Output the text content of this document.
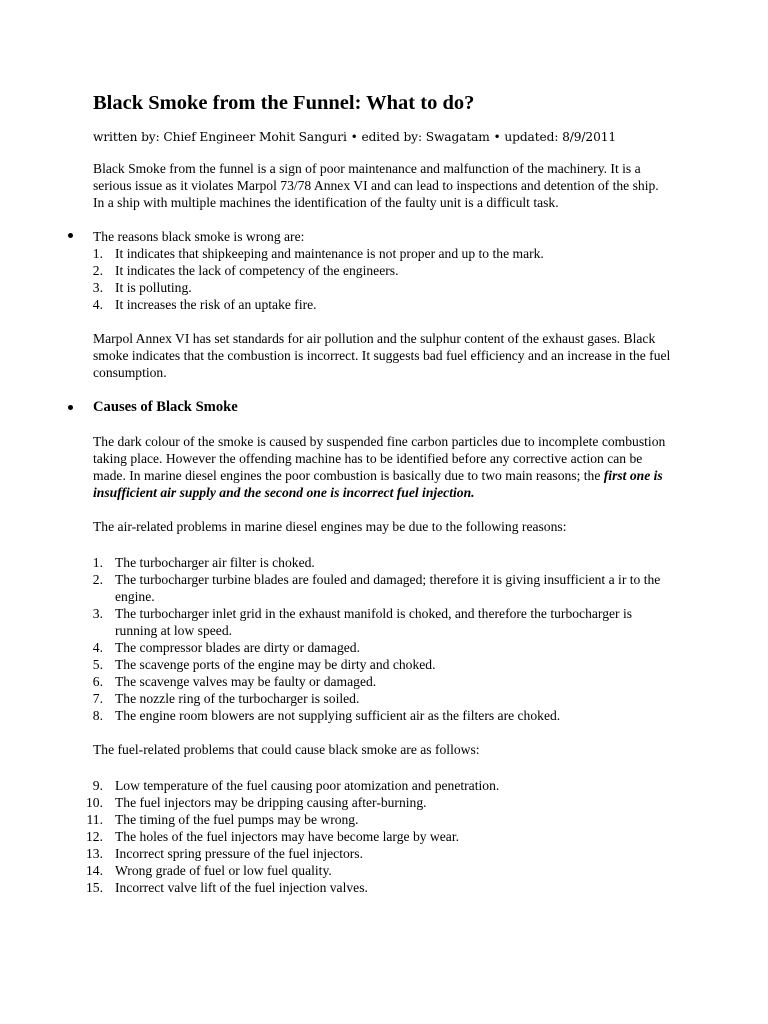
Black Smoke from the Funnel: What to do?
written by: Chief Engineer Mohit Sanguri • edited by: Swagatam • updated: 8/9/2011

Black Smoke from the funnel is a sign of poor maintenance and malfunction of the machinery. It is a serious issue as it violates Marpol 73/78 Annex VI and can lead to inspections and detention of the ship. In a ship with multiple machines the identification of the faulty unit is a difficult task.

The reasons black smoke is wrong are:
1. It indicates that shipkeeping and maintenance is not proper and up to the mark.
2. It indicates the lack of competency of the engineers.
3. It is polluting.
4. It increases the risk of an uptake fire.

Marpol Annex VI has set standards for air pollution and the sulphur content of the exhaust gases. Black smoke indicates that the combustion is incorrect. It suggests bad fuel efficiency and an increase in the fuel consumption.

Causes of Black Smoke

The dark colour of the smoke is caused by suspended fine carbon particles due to incomplete combustion taking place. However the offending machine has to be identified before any corrective action can be made. In marine diesel engines the poor combustion is basically due to two main reasons; the first one is insufficient air supply and the second one is incorrect fuel injection.

The air-related problems in marine diesel engines may be due to the following reasons:

1. The turbocharger air filter is choked.
2. The turbocharger turbine blades are fouled and damaged; therefore it is giving insufficient a ir to the engine.
3. The turbocharger inlet grid in the exhaust manifold is choked, and therefore the turbocharger is running at low speed.
4. The compressor blades are dirty or damaged.
5. The scavenge ports of the engine may be dirty and choked.
6. The scavenge valves may be faulty or damaged.
7. The nozzle ring of the turbocharger is soiled.
8. The engine room blowers are not supplying sufficient air as the filters are choked.

The fuel-related problems that could cause black smoke are as follows:

9. Low temperature of the fuel causing poor atomization and penetration.
10. The fuel injectors may be dripping causing after-burning.
11. The timing of the fuel pumps may be wrong.
12. The holes of the fuel injectors may have become large by wear.
13. Incorrect spring pressure of the fuel injectors.
14. Wrong grade of fuel or low fuel quality.
15. Incorrect valve lift of the fuel injection valves.
